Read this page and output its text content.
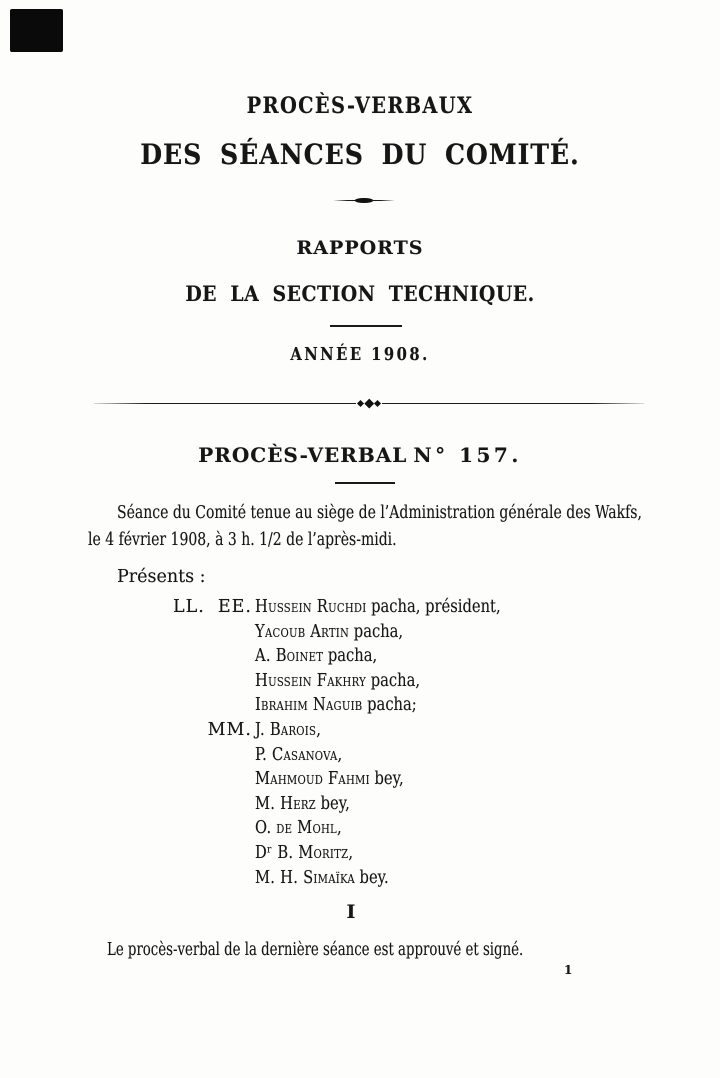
PROCÈS-VERBAUX
DES SÉANCES DU COMITÉ.
RAPPORTS
DE LA SECTION TECHNIQUE.
ANNÉE 1908.
PROCÈS-VERBAL N° 157.
Séance du Comité tenue au siège de l’Administration générale des Wakfs,
le 4 février 1908, à 3 h. 1/2 de l’après-midi.
Présents :
LL.  EE. Hussein Ruchdi pacha, président,
Yacoub Artin pacha,
A. Boinet pacha,
Hussein Fakhry pacha,
Ibrahim Naguib pacha;
MM. J. Barois,
P. Casanova,
Mahmoud Fahmi bey,
M. Herz bey,
O. de Mohl,
Dʳ B. Moritz,
M. H. Simaïka bey.
I
Le procès-verbal de la dernière séance est approuvé et signé.
1
